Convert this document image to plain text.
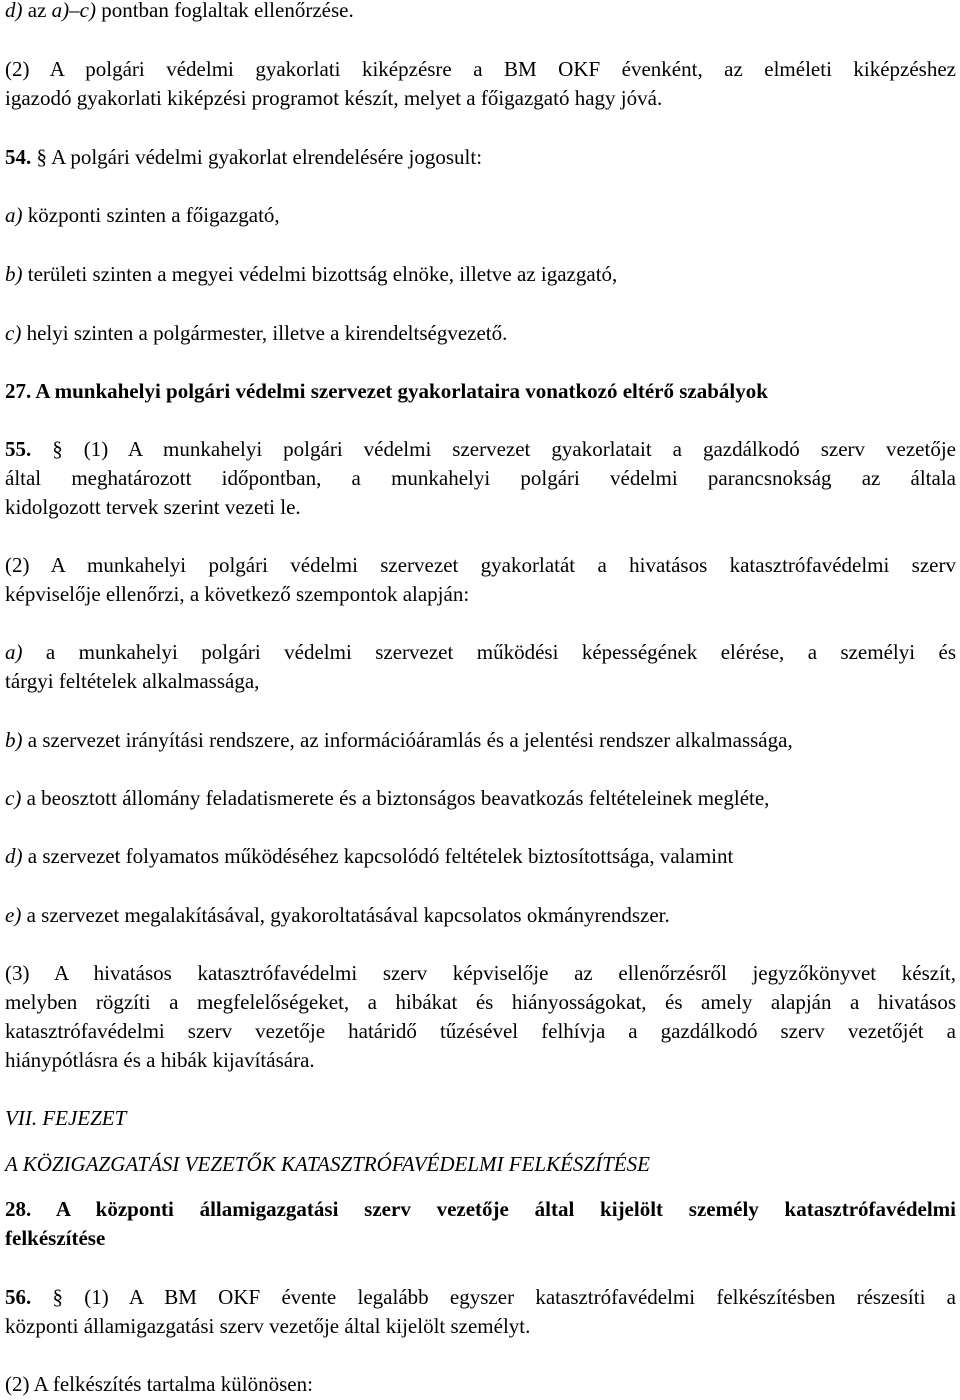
d) az a)–c) pontban foglaltak ellenőrzése.
(2) A polgári védelmi gyakorlati kiképzésre a BM OKF évenként, az elméleti kiképzéshez
igazodó gyakorlati kiképzési programot készít, melyet a főigazgató hagy jóvá.
54. § A polgári védelmi gyakorlat elrendelésére jogosult:
a) központi szinten a főigazgató,
b) területi szinten a megyei védelmi bizottság elnöke, illetve az igazgató,
c) helyi szinten a polgármester, illetve a kirendeltségvezető.
27. A munkahelyi polgári védelmi szervezet gyakorlataira vonatkozó eltérő szabályok
55. § (1) A munkahelyi polgári védelmi szervezet gyakorlatait a gazdálkodó szerv vezetője
által meghatározott időpontban, a munkahelyi polgári védelmi parancsnokság az általa
kidolgozott tervek szerint vezeti le.
(2) A munkahelyi polgári védelmi szervezet gyakorlatát a hivatásos katasztrófavédelmi szerv
képviselője ellenőrzi, a következő szempontok alapján:
a) a munkahelyi polgári védelmi szervezet működési képességének elérése, a személyi és
tárgyi feltételek alkalmassága,
b) a szervezet irányítási rendszere, az információáramlás és a jelentési rendszer alkalmassága,
c) a beosztott állomány feladatismerete és a biztonságos beavatkozás feltételeinek megléte,
d) a szervezet folyamatos működéséhez kapcsolódó feltételek biztosítottsága, valamint
e) a szervezet megalakításával, gyakoroltatásával kapcsolatos okmányrendszer.
(3) A hivatásos katasztrófavédelmi szerv képviselője az ellenőrzésről jegyzőkönyvet készít,
melyben rögzíti a megfelelőségeket, a hibákat és hiányosságokat, és amely alapján a hivatásos
katasztrófavédelmi szerv vezetője határidő tűzésével felhívja a gazdálkodó szerv vezetőjét a
hiánypótlásra és a hibák kijavítására.
VII. FEJEZET
A KÖZIGAZGATÁSI VEZETŐK KATASZTRÓFAVÉDELMI FELKÉSZÍTÉSE
28. A központi államigazgatási szerv vezetője által kijelölt személy katasztrófavédelmi
felkészítése
56. § (1) A BM OKF évente legalább egyszer katasztrófavédelmi felkészítésben részesíti a
központi államigazgatási szerv vezetője által kijelölt személyt.
(2) A felkészítés tartalma különösen:
